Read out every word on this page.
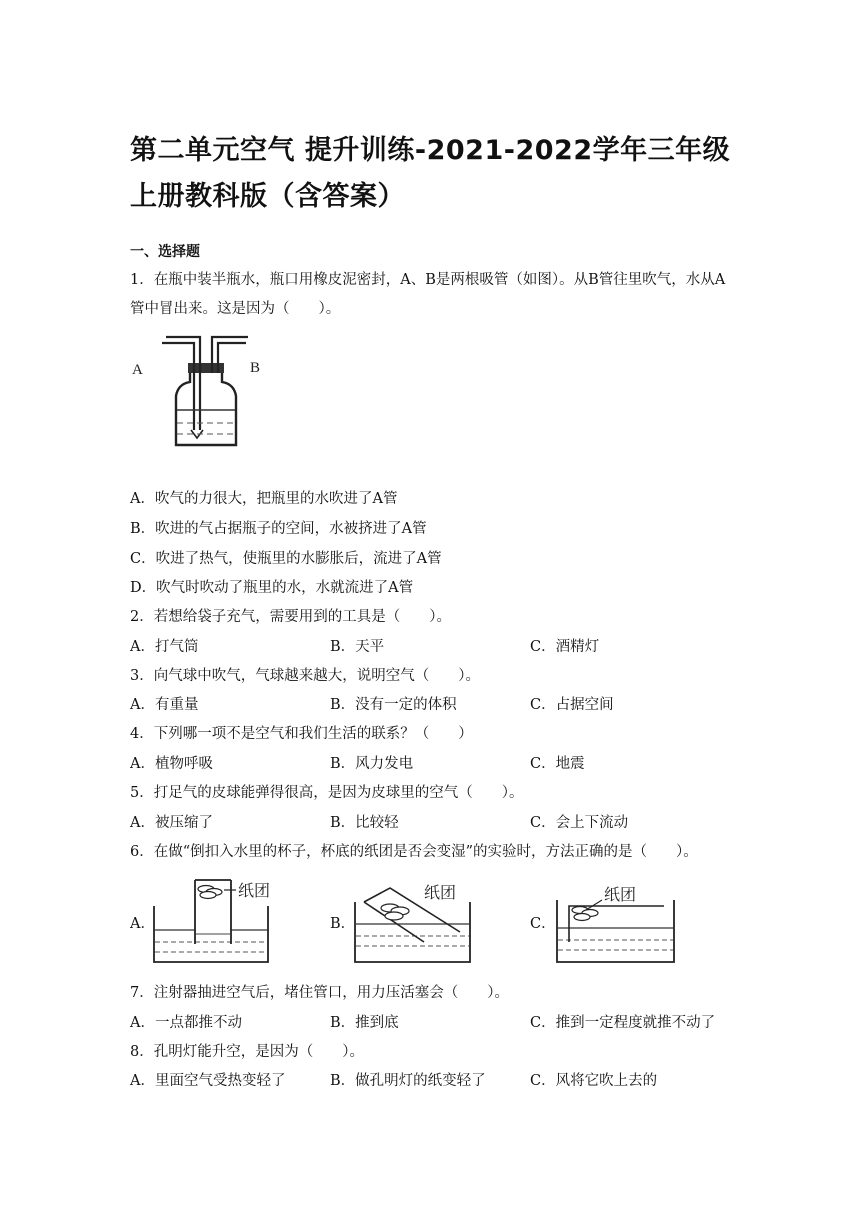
第二单元空气 提升训练-2021-2022学年三年级上册教科版（含答案）
一、选择题
1．在瓶中装半瓶水，瓶口用橡皮泥密封，A、B是两根吸管（如图）。从B管往里吹气，水从A管中冒出来。这是因为（　　）。
A	B
A．吹气的力很大，把瓶里的水吹进了A管
B．吹进的气占据瓶子的空间，水被挤进了A管
C．吹进了热气，使瓶里的水膨胀后，流进了A管
D．吹气时吹动了瓶里的水，水就流进了A管
2．若想给袋子充气，需要用到的工具是（　　）。
A．打气筒	B．天平	C．酒精灯
3．向气球中吹气，气球越来越大，说明空气（　　）。
A．有重量	B．没有一定的体积	C．占据空间
4．下列哪一项不是空气和我们生活的联系？（　　）
A．植物呼吸	B．风力发电	C．地震
5．打足气的皮球能弹得很高，是因为皮球里的空气（　　）。
A．被压缩了	B．比较轻	C．会上下流动
6．在做“倒扣入水里的杯子，杯底的纸团是否会变湿”的实验时，方法正确的是（　　）。
A．
纸团
B．
纸团
C．
纸团
7．注射器抽进空气后，堵住管口，用力压活塞会（　　）。
A．一点都推不动	B．推到底	C．推到一定程度就推不动了
8．孔明灯能升空，是因为（　　）。
A．里面空气受热变轻了	B．做孔明灯的纸变轻了	C．风将它吹上去的
